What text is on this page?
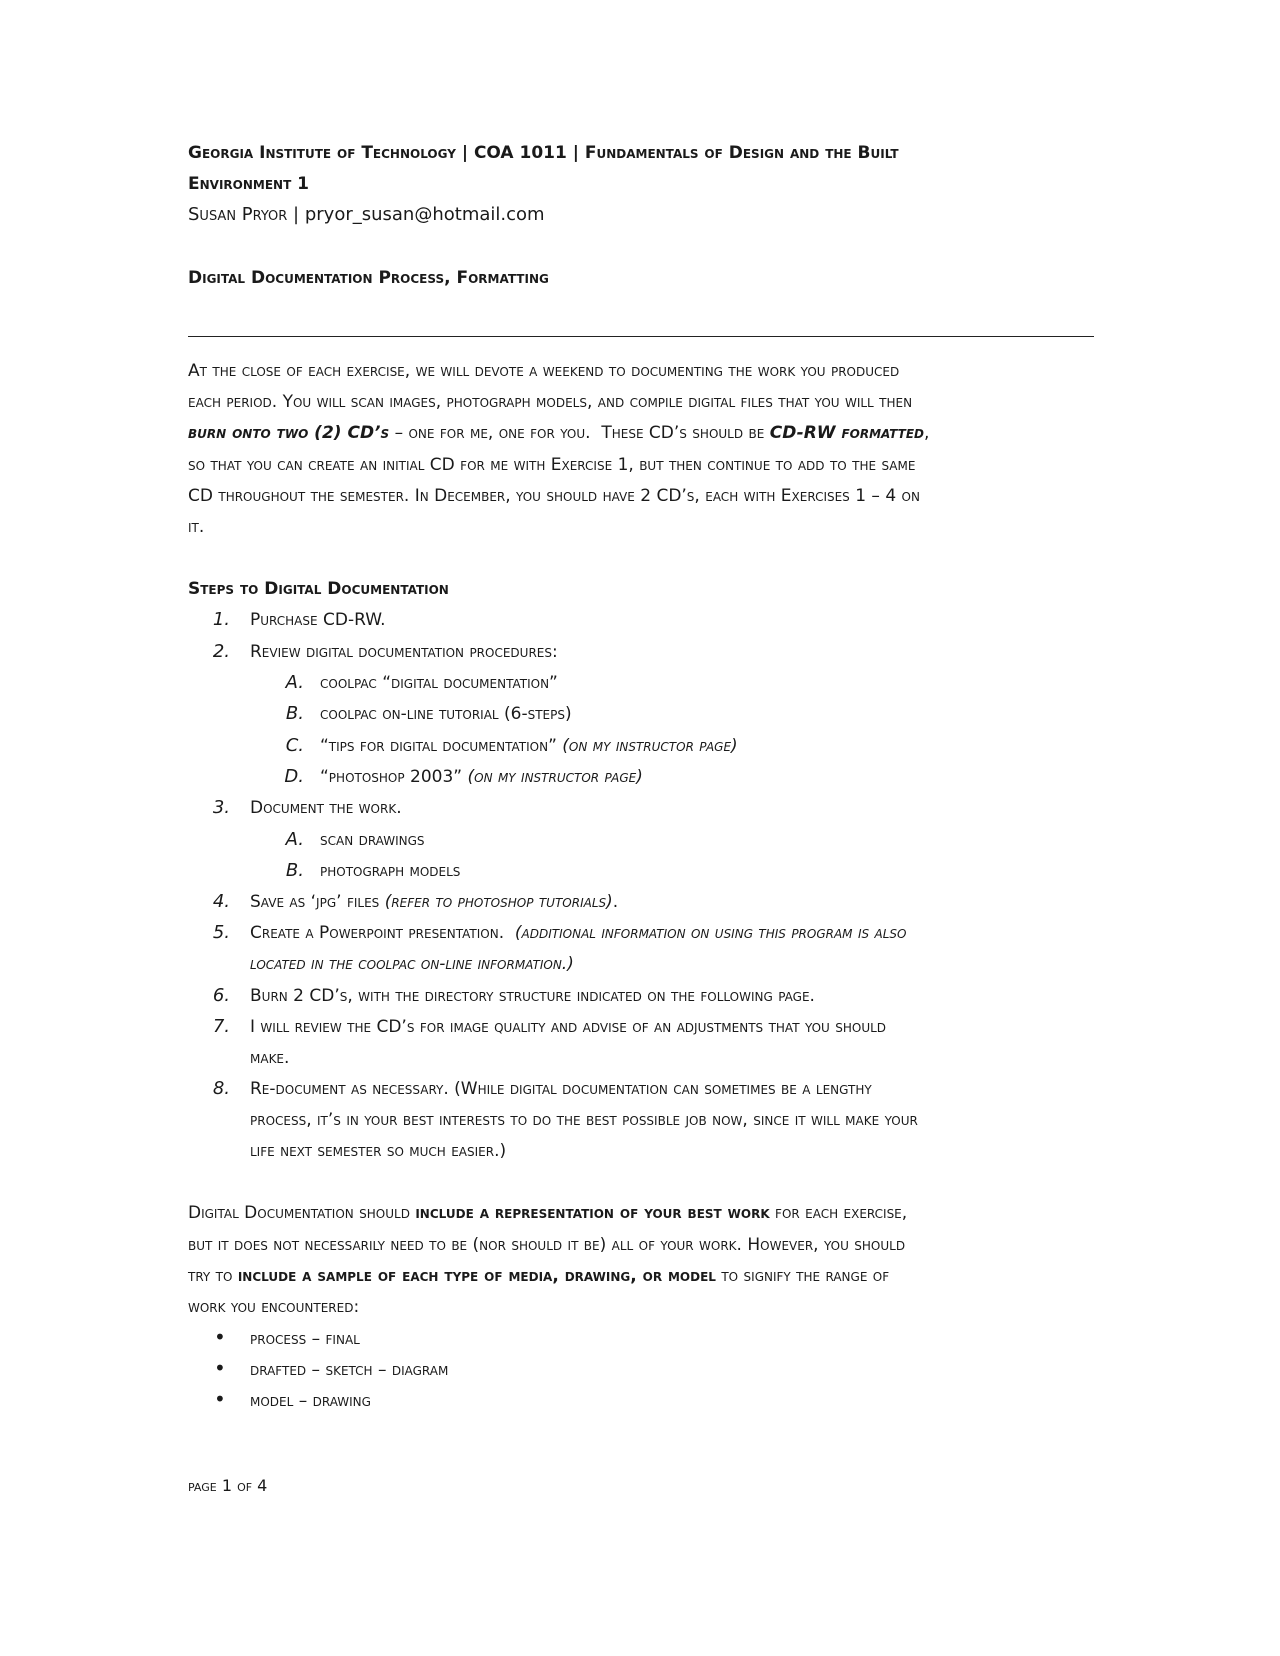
Georgia Institute of Technology | COA 1011 | Fundamentals of Design and the Built
Environment 1
Susan Pryor | pryor_susan@hotmail.com
Digital Documentation Process, Formatting
At the close of each exercise, we will devote a weekend to documenting the work you produced
each period. You will scan images, photograph models, and compile digital files that you will then
burn onto two (2) CD’s – one for me, one for you.  These CD’s should be CD-RW formatted,
so that you can create an initial CD for me with Exercise 1, but then continue to add to the same
CD throughout the semester. In December, you should have 2 CD’s, each with Exercises 1 – 4 on
it.
Steps to Digital Documentation
1. Purchase CD-RW.
2. Review digital documentation procedures:
A. coolpac “digital documentation”
B. coolpac on-line tutorial (6-steps)
C. “tips for digital documentation” (on my instructor page)
D. “photoshop 2003” (on my instructor page)
3. Document the work.
A. scan drawings
B. photograph models
4. Save as ‘jpg’ files (refer to photoshop tutorials).
5. Create a Powerpoint presentation.  (additional information on using this program is also
located in the coolpac on-line information.)
6. Burn 2 CD’s, with the directory structure indicated on the following page.
7. I will review the CD’s for image quality and advise of an adjustments that you should
make.
8. Re-document as necessary. (While digital documentation can sometimes be a lengthy
process, it’s in your best interests to do the best possible job now, since it will make your
life next semester so much easier.)
Digital Documentation should include a representation of your best work for each exercise,
but it does not necessarily need to be (nor should it be) all of your work. However, you should
try to include a sample of each type of media, drawing, or model to signify the range of
work you encountered:
• process – final
• drafted – sketch – diagram
• model – drawing
page 1 of 4
